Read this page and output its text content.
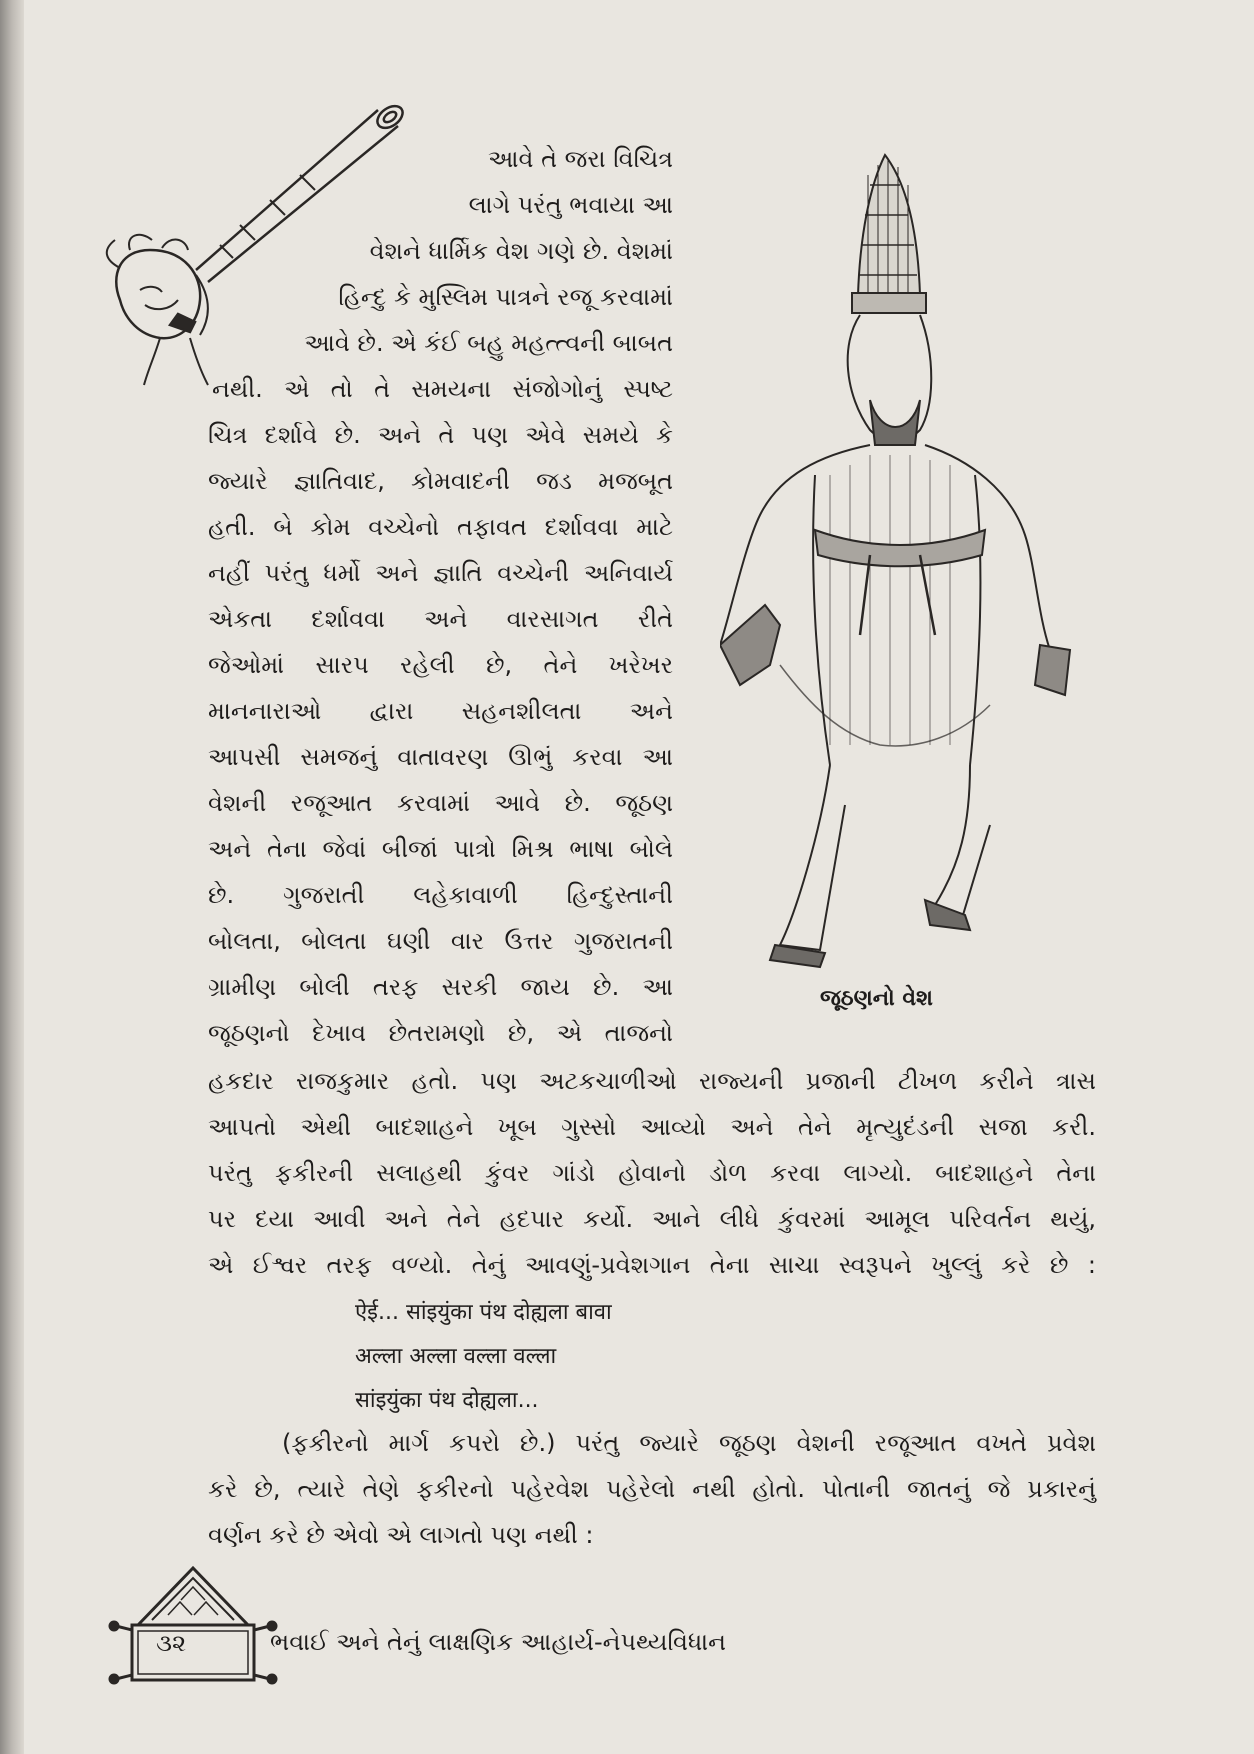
આવે તે જરા વિચિત્ર
લાગે પરંતુ ભવાયા આ
વેશને ધાર્મિક વેશ ગણે છે. વેશમાં
હિન્દુ કે મુસ્લિમ પાત્રને રજૂ કરવામાં
આવે છે. એ કંઈ બહુ મહત્ત્વની બાબત
નથી. એ તો તે સમયના સંજોગોનું સ્પષ્ટ
ચિત્ર દર્શાવે છે. અને તે પણ એવે સમયે કે
જ્યારે જ્ઞાતિવાદ, કોમવાદની જડ મજબૂત
હતી. બે કોમ વચ્ચેનો તફાવત દર્શાવવા માટે
નહીં પરંતુ ધર્મો અને જ્ઞાતિ વચ્ચેની અનિવાર્ય
એકતા દર્શાવવા અને વારસાગત રીતે
જેઓમાં સારપ રહેલી છે, તેને ખરેખર
માનનારાઓ દ્વારા સહનશીલતા અને
આપસી સમજનું વાતાવરણ ઊભું કરવા આ
વેશની રજૂઆત કરવામાં આવે છે. જૂઠણ
અને તેના જેવાં બીજાં પાત્રો મિશ્ર ભાષા બોલે
છે. ગુજરાતી લહેકાવાળી હિન્દુસ્તાની
બોલતા, બોલતા ઘણી વાર ઉત્તર ગુજરાતની
ગ્રામીણ બોલી તરફ સરકી જાય છે. આ
જૂઠણનો દેખાવ છેતરામણો છે, એ તાજનો
જૂઠણનો વેશ
હકદાર રાજકુમાર હતો. પણ અટકચાળીઓ રાજ્યની પ્રજાની ટીખળ કરીને ત્રાસ
આપતો એથી બાદશાહને ખૂબ ગુસ્સો આવ્યો અને તેને મૃત્યુદંડની સજા કરી.
પરંતુ ફકીરની સલાહથી કુંવર ગાંડો હોવાનો ડોળ કરવા લાગ્યો. બાદશાહને તેના
પર દયા આવી અને તેને હદપાર કર્યો. આને લીધે કુંવરમાં આમૂલ પરિવર્તન થયું,
એ ઈશ્વર તરફ વળ્યો. તેનું આવણું-પ્રવેશગાન તેના સાચા સ્વરૂપને ખુલ્લું કરે છે :
ऐई... सांइयुंका पंथ दोह्यला बावा
अल्ला अल्ला वल्ला वल्ला
सांइयुंका पंथ दोह्यला...
(ફકીરનો માર્ગ કપરો છે.) પરંતુ જ્યારે જૂઠણ વેશની રજૂઆત વખતે પ્રવેશ
કરે છે, ત્યારે તેણે ફકીરનો પહેરવેશ પહેરેલો નથી હોતો. પોતાની જાતનું જે પ્રકારનું
વર્ણન કરે છે એવો એ લાગતો પણ નથી :
૩૨	ભવાઈ અને તેનું લાક્ષણિક આહાર્ય-નેપથ્યવિધાન
